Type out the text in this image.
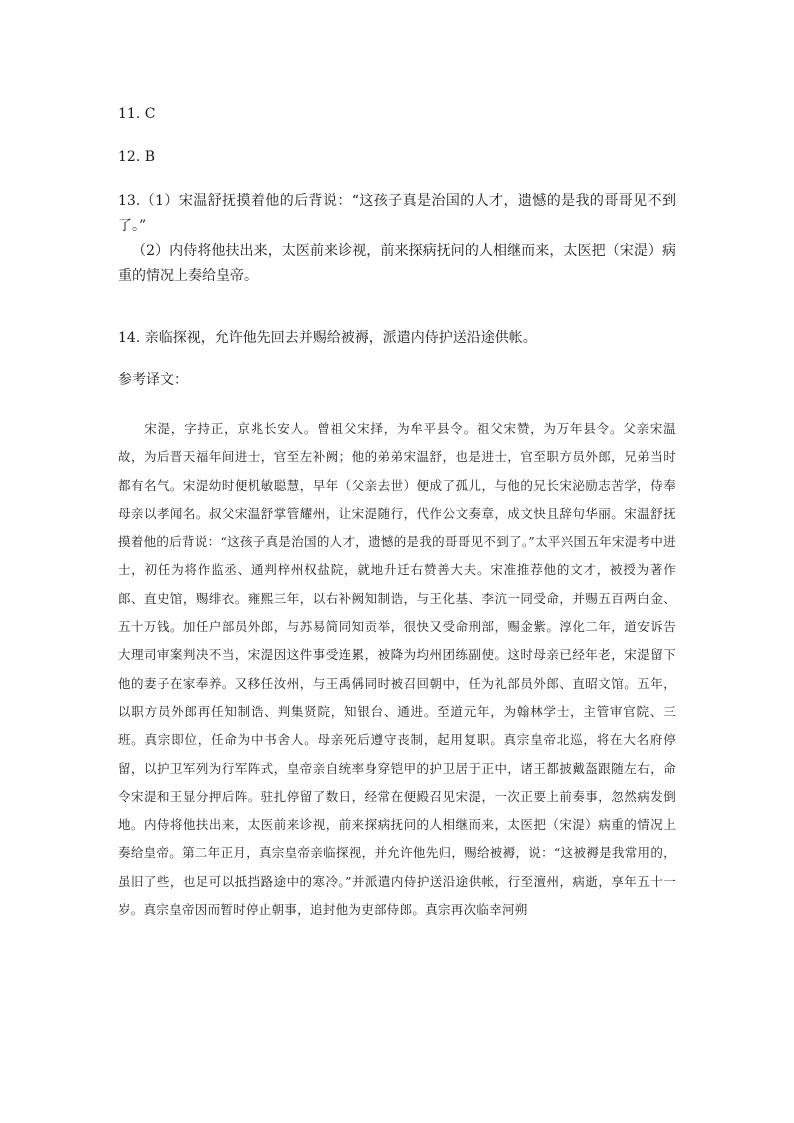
11. C
12. B

13.（1）宋温舒抚摸着他的后背说：“这孩子真是治国的人才，遗憾的是我的哥哥见不到了。”

（2）内侍将他扶出来，太医前来诊视，前来探病抚问的人相继而来，太医把（宋湜）病重的情况上奏给皇帝。

14. 亲临探视，允许他先回去并赐给被褥，派遣内侍护送沿途供帐。
参考译文：

宋湜，字持正，京兆长安人。曾祖父宋择，为牟平县令。祖父宋赞，为万年县令。父亲宋温故，为后晋天福年间进士，官至左补阙；他的弟弟宋温舒，也是进士，官至职方员外郎，兄弟当时都有名气。宋湜幼时便机敏聪慧，早年（父亲去世）便成了孤儿，与他的兄长宋泌励志苦学，侍奉母亲以孝闻名。叔父宋温舒掌管耀州，让宋湜随行，代作公文奏章，成文快且辞句华丽。宋温舒抚摸着他的后背说：“这孩子真是治国的人才，遗憾的是我的哥哥见不到了。”太平兴国五年宋湜考中进士，初任为将作监丞、通判梓州权盐院，就地升迁右赞善大夫。宋准推荐他的文才，被授为著作郎、直史馆，赐绯衣。雍熙三年，以右补阙知制诰，与王化基、李沆一同受命，并赐五百两白金、五十万钱。加任户部员外郎，与苏易简同知贡举，很快又受命刑部，赐金紫。淳化二年，道安诉告大理司审案判决不当，宋湜因这件事受连累，被降为均州团练副使。这时母亲已经年老，宋湜留下他的妻子在家奉养。又移任汝州，与王禹偁同时被召回朝中，任为礼部员外郎、直昭文馆。五年，以职方员外郎再任知制诰、判集贤院，知银台、通进。至道元年，为翰林学士，主管审官院、三班。真宗即位，任命为中书舍人。母亲死后遵守丧制，起用复职。真宗皇帝北巡，将在大名府停留，以护卫军列为行军阵式，皇帝亲自统率身穿铠甲的护卫居于正中，诸王都披戴盔跟随左右，命令宋湜和王显分押后阵。驻扎停留了数日，经常在便殿召见宋湜，一次正要上前奏事，忽然病发倒地。内侍将他扶出来，太医前来诊视，前来探病抚问的人相继而来，太医把（宋湜）病重的情况上奏给皇帝。第二年正月，真宗皇帝亲临探视，并允许他先归，赐给被褥，说：“这被褥是我常用的，虽旧了些，也足可以抵挡路途中的寒冷。”并派遣内侍护送沿途供帐，行至澶州，病逝，享年五十一岁。真宗皇帝因而暂时停止朝事，追封他为吏部侍郎。真宗再次临幸河朔
